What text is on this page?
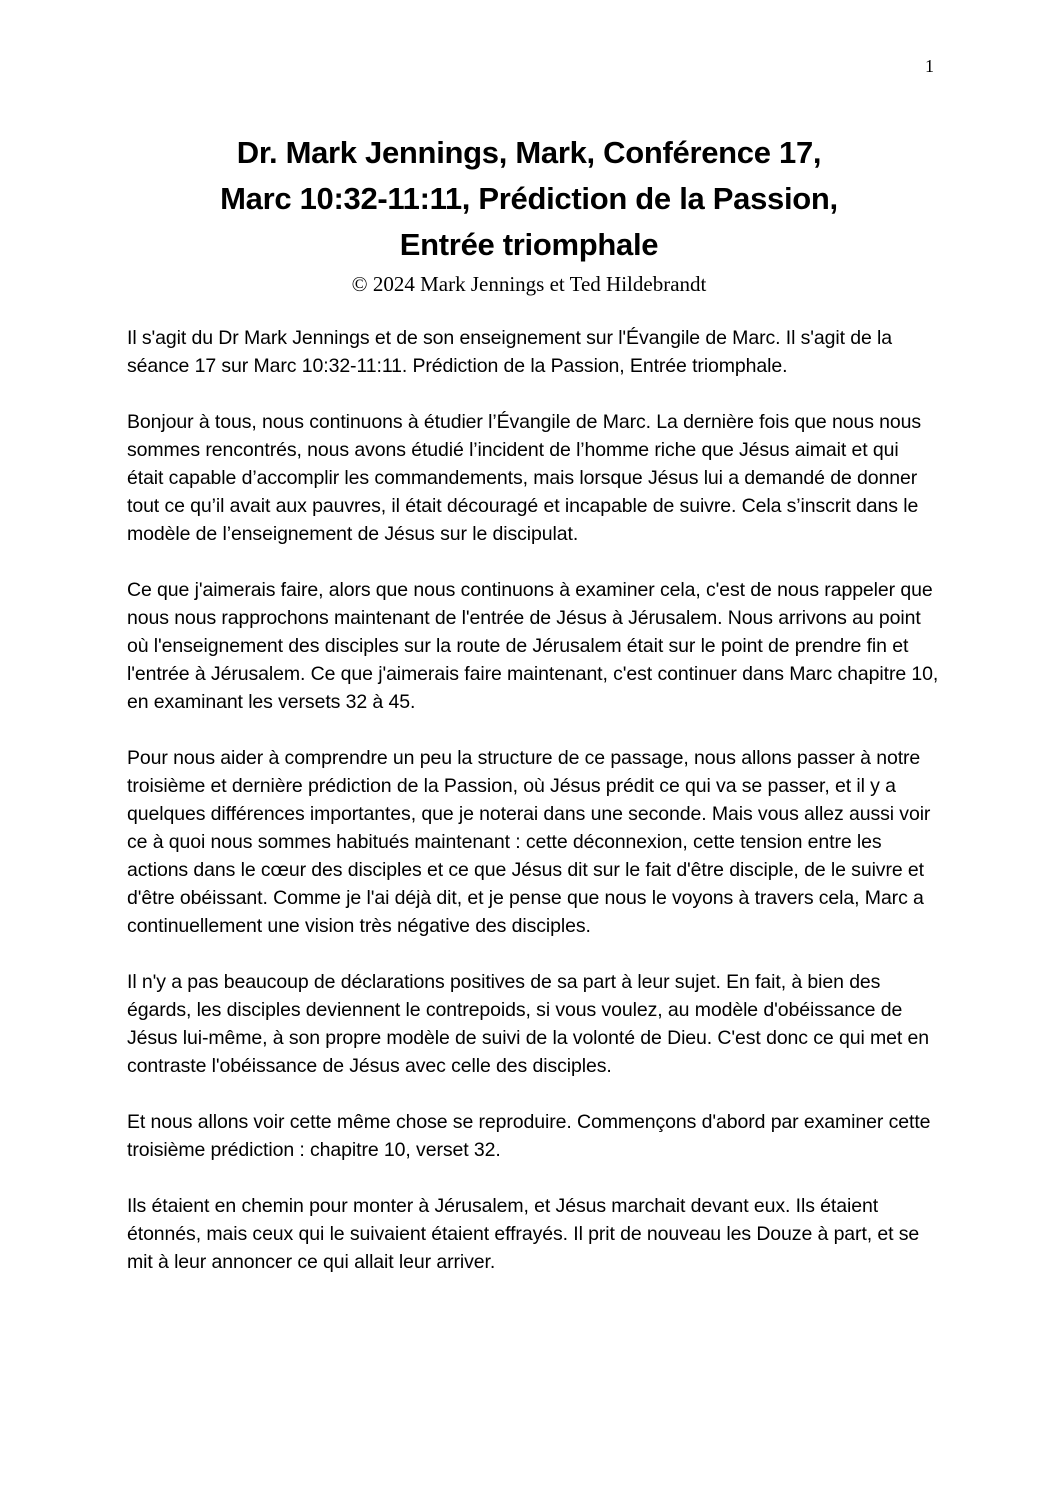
1
Dr. Mark Jennings, Mark, Conférence 17,
Marc 10:32-11:11, Prédiction de la Passion,
Entrée triomphale
© 2024 Mark Jennings et Ted Hildebrandt

Il s'agit du Dr Mark Jennings et de son enseignement sur l'Évangile de Marc. Il s'agit de la séance 17 sur Marc 10:32-11:11. Prédiction de la Passion, Entrée triomphale.

Bonjour à tous, nous continuons à étudier l’Évangile de Marc. La dernière fois que nous nous sommes rencontrés, nous avons étudié l’incident de l’homme riche que Jésus aimait et qui était capable d’accomplir les commandements, mais lorsque Jésus lui a demandé de donner tout ce qu’il avait aux pauvres, il était découragé et incapable de suivre. Cela s’inscrit dans le modèle de l’enseignement de Jésus sur le discipulat.

Ce que j'aimerais faire, alors que nous continuons à examiner cela, c'est de nous rappeler que nous nous rapprochons maintenant de l'entrée de Jésus à Jérusalem. Nous arrivons au point où l'enseignement des disciples sur la route de Jérusalem était sur le point de prendre fin et l'entrée à Jérusalem. Ce que j'aimerais faire maintenant, c'est continuer dans Marc chapitre 10, en examinant les versets 32 à 45.

Pour nous aider à comprendre un peu la structure de ce passage, nous allons passer à notre troisième et dernière prédiction de la Passion, où Jésus prédit ce qui va se passer, et il y a quelques différences importantes, que je noterai dans une seconde. Mais vous allez aussi voir ce à quoi nous sommes habitués maintenant : cette déconnexion, cette tension entre les actions dans le cœur des disciples et ce que Jésus dit sur le fait d'être disciple, de le suivre et d'être obéissant. Comme je l'ai déjà dit, et je pense que nous le voyons à travers cela, Marc a continuellement une vision très négative des disciples.

Il n'y a pas beaucoup de déclarations positives de sa part à leur sujet. En fait, à bien des égards, les disciples deviennent le contrepoids, si vous voulez, au modèle d'obéissance de Jésus lui-même, à son propre modèle de suivi de la volonté de Dieu. C'est donc ce qui met en contraste l'obéissance de Jésus avec celle des disciples.

Et nous allons voir cette même chose se reproduire. Commençons d'abord par examiner cette troisième prédiction : chapitre 10, verset 32.

Ils étaient en chemin pour monter à Jérusalem, et Jésus marchait devant eux. Ils étaient étonnés, mais ceux qui le suivaient étaient effrayés. Il prit de nouveau les Douze à part, et se mit à leur annoncer ce qui allait leur arriver.
